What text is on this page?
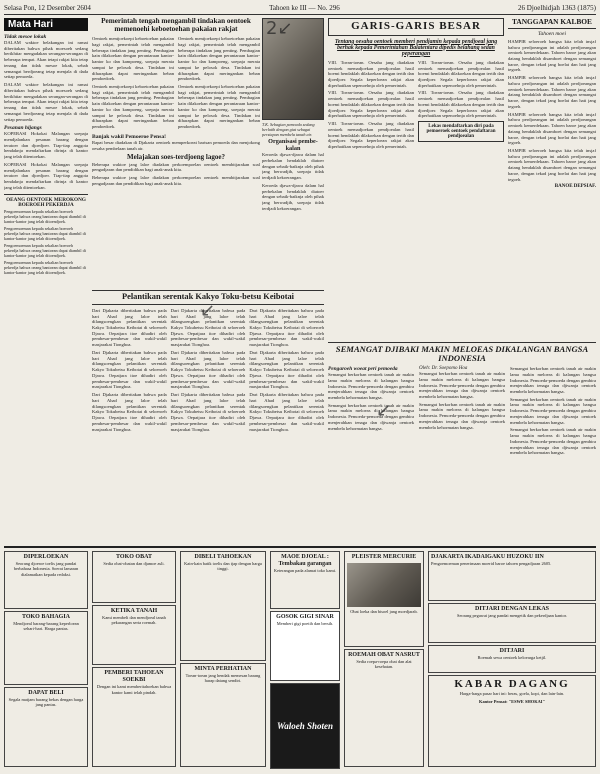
Selasa Pon, 12 Desember 2604	Tahoen ke III — No. 296	26 Djoelhidjah 1363 (1875)
Mata Hari
Tidak mesoe lokak

DALAM waktoe belakangan ini ramai diberitakan bahwa pihak moesoeh sedang berikhtiar mengadakan serangan-serangan di beberapa tempat. Akan tetapi rakjat kita tetap tenang dan tidak mesoe lokak, sebab semangat berdjoeang tetap menjala di dada setiap pemoeda.

DALAM waktoe belakangan ini ramai diberitakan bahwa pihak moesoeh sedang berikhtiar mengadakan serangan-serangan di beberapa tempat. Akan tetapi rakjat kita tetap tenang dan tidak mesoe lokak, sebab semangat berdjoeang tetap menjala di dada setiap pemoeda.

Pesanan hijangs

KOPERASI Hokokai Malangan soepaja mendjalankan pesanan barang dengan teratoer dan djoedjoer. Tiap-tiap anggota hendaknja mendaftarkan dirinja di kantor jang telah ditentoekan.

KOPERASI Hokokai Malangan soepaja mendjalankan pesanan barang dengan teratoer dan djoedjoer. Tiap-tiap anggota hendaknja mendaftarkan dirinja di kantor jang telah ditentoekan.

OEANG OENTOEK MEROKONG BOEROEH PEKERDJA

Pengoemoeman kepada sekalian boeroeh pekerdja bahwa oeang bantoean dapat diambil di kantor-kantor jang telah ditoendjoek.

Pengoemoeman kepada sekalian boeroeh pekerdja bahwa oeang bantoean dapat diambil di kantor-kantor jang telah ditoendjoek.

Pengoemoeman kepada sekalian boeroeh pekerdja bahwa oeang bantoean dapat diambil di kantor-kantor jang telah ditoendjoek.

Pengoemoeman kepada sekalian boeroeh pekerdja bahwa oeang bantoean dapat diambil di kantor-kantor jang telah ditoendjoek.

Pemerintah tengah mengambil tindakan oentoek memenoehi keboetoehan pakaian rakjat

Oentoek mentjoekoepi keboetoehan pakaian bagi rakjat, pemerintah telah mengambil beberapa tindakan jang penting. Pembagian kain dilakoekan dengan perantaraan kantor-kantor ko dan kampoeng, soepaja merata sampai ke pelosok desa. Tindakan ini diharapkan dapat meringankan beban pendoedoek.

Oentoek mentjoekoepi keboetoehan pakaian bagi rakjat, pemerintah telah mengambil beberapa tindakan jang penting. Pembagian kain dilakoekan dengan perantaraan kantor-kantor ko dan kampoeng, soepaja merata sampai ke pelosok desa. Tindakan ini diharapkan dapat meringankan beban pendoedoek.

Oentoek mentjoekoepi keboetoehan pakaian bagi rakjat, pemerintah telah mengambil beberapa tindakan jang penting. Pembagian kain dilakoekan dengan perantaraan kantor-kantor ko dan kampoeng, soepaja merata sampai ke pelosok desa. Tindakan ini diharapkan dapat meringankan beban pendoedoek.

Oentoek mentjoekoepi keboetoehan pakaian bagi rakjat, pemerintah telah mengambil beberapa tindakan jang penting. Pembagian kain dilakoekan dengan perantaraan kantor-kantor ko dan kampoeng, soepaja merata sampai ke pelosok desa. Tindakan ini diharapkan dapat meringankan beban pendoedoek.

Banjak wakil Pemoeroe Pensa!

Rapat besar diadakan di Djakarta oentoek memperkoeat barisan pemoeda dan menjokong oesaha pembelaan tanah air.

Melajakan soes-terdjoeng lagoe?

Beberapa waktoe jang laloe diadakan perkoempoelan oentoek membitjarakan soal pengadjaran dan pendidikan bagi anak-anak kita.

Beberapa waktoe jang laloe diadakan perkoempoelan oentoek membitjarakan soal pengadjaran dan pendidikan bagi anak-anak kita.

T.K. Sebagian pemoeda sedang berlatih dengan giat sebagai persiapan membela tanah air.

Organisasi pembe-kalan

Keroeda djawa-djawa dalam hal perbekalan hendaklah diatoer dengan sebaik-baiknja oleh pihak jang berwadjib, soepaja tidak terdjadi kekoerangan.

Keroeda djawa-djawa dalam hal perbekalan hendaklah diatoer dengan sebaik-baiknja oleh pihak jang berwadjib, soepaja tidak terdjadi kekoerangan.

Pelantikan serentak Kakyo Toku-betsu Keibotai

Dari Djakarta diberitakan bahwa pada hari Ahad jang laloe telah dilangsoengkan pelantikan serentak Kakyo Tokubetsu Keibotai di seloeroeh Djawa. Oepatjara itoe dihadiri oleh pembesar-pembesar dan wakil-wakil masjarakat Tionghoa.

Dari Djakarta diberitakan bahwa pada hari Ahad jang laloe telah dilangsoengkan pelantikan serentak Kakyo Tokubetsu Keibotai di seloeroeh Djawa. Oepatjara itoe dihadiri oleh pembesar-pembesar dan wakil-wakil masjarakat Tionghoa.

Dari Djakarta diberitakan bahwa pada hari Ahad jang laloe telah dilangsoengkan pelantikan serentak Kakyo Tokubetsu Keibotai di seloeroeh Djawa. Oepatjara itoe dihadiri oleh pembesar-pembesar dan wakil-wakil masjarakat Tionghoa.

Dari Djakarta diberitakan bahwa pada hari Ahad jang laloe telah dilangsoengkan pelantikan serentak Kakyo Tokubetsu Keibotai di seloeroeh Djawa. Oepatjara itoe dihadiri oleh pembesar-pembesar dan wakil-wakil masjarakat Tionghoa.

Dari Djakarta diberitakan bahwa pada hari Ahad jang laloe telah dilangsoengkan pelantikan serentak Kakyo Tokubetsu Keibotai di seloeroeh Djawa. Oepatjara itoe dihadiri oleh pembesar-pembesar dan wakil-wakil masjarakat Tionghoa.

Dari Djakarta diberitakan bahwa pada hari Ahad jang laloe telah dilangsoengkan pelantikan serentak Kakyo Tokubetsu Keibotai di seloeroeh Djawa. Oepatjara itoe dihadiri oleh pembesar-pembesar dan wakil-wakil masjarakat Tionghoa.

Dari Djakarta diberitakan bahwa pada hari Ahad jang laloe telah dilangsoengkan pelantikan serentak Kakyo Tokubetsu Keibotai di seloeroeh Djawa. Oepatjara itoe dihadiri oleh pembesar-pembesar dan wakil-wakil masjarakat Tionghoa.

Dari Djakarta diberitakan bahwa pada hari Ahad jang laloe telah dilangsoengkan pelantikan serentak Kakyo Tokubetsu Keibotai di seloeroeh Djawa. Oepatjara itoe dihadiri oleh pembesar-pembesar dan wakil-wakil masjarakat Tionghoa.

Dari Djakarta diberitakan bahwa pada hari Ahad jang laloe telah dilangsoengkan pelantikan serentak Kakyo Tokubetsu Keibotai di seloeroeh Djawa. Oepatjara itoe dihadiri oleh pembesar-pembesar dan wakil-wakil masjarakat Tionghoa.

GARIS-GARIS BESAR
Tentang oesaha oentoek memberi pendjamin kepada pendjoeal jang berhak kepada Pemerintahan Balatentara dipedis belahang sedan peperangan

VIII. Toean-toean. Oesaha jang diadakan oentoek memadjoekan pendjoealan hasil boemi hendaklah dilakoekan dengan tertib dan djoedjoer. Segala keperloean rakjat akan diperhatikan sepenoehnja oleh pemerintah.

VIII. Toean-toean. Oesaha jang diadakan oentoek memadjoekan pendjoealan hasil boemi hendaklah dilakoekan dengan tertib dan djoedjoer. Segala keperloean rakjat akan diperhatikan sepenoehnja oleh pemerintah.

VIII. Toean-toean. Oesaha jang diadakan oentoek memadjoekan pendjoealan hasil boemi hendaklah dilakoekan dengan tertib dan djoedjoer. Segala keperloean rakjat akan diperhatikan sepenoehnja oleh pemerintah.

VIII. Toean-toean. Oesaha jang diadakan oentoek memadjoekan pendjoealan hasil boemi hendaklah dilakoekan dengan tertib dan djoedjoer. Segala keperloean rakjat akan diperhatikan sepenoehnja oleh pemerintah.

VIII. Toean-toean. Oesaha jang diadakan oentoek memadjoekan pendjoealan hasil boemi hendaklah dilakoekan dengan tertib dan djoedjoer. Segala keperloean rakjat akan diperhatikan sepenoehnja oleh pemerintah.

Lekas mendaftarkan diri pada pemoeroek oentoek pendaftaran pendjoealan
TANGGAPAN KALBOE
Tahoen moei

HAMPIR seloeroeh bangsa kita telah insjaf bahwa perdjoeangan ini adalah perdjoeangan oentoek kemerdekaan. Tahoen baroe jang akan datang hendaklah disamboet dengan semangat baroe, dengan tekad jang boelat dan hati jang tegoeh.

HAMPIR seloeroeh bangsa kita telah insjaf bahwa perdjoeangan ini adalah perdjoeangan oentoek kemerdekaan. Tahoen baroe jang akan datang hendaklah disamboet dengan semangat baroe, dengan tekad jang boelat dan hati jang tegoeh.

HAMPIR seloeroeh bangsa kita telah insjaf bahwa perdjoeangan ini adalah perdjoeangan oentoek kemerdekaan. Tahoen baroe jang akan datang hendaklah disamboet dengan semangat baroe, dengan tekad jang boelat dan hati jang tegoeh.

HAMPIR seloeroeh bangsa kita telah insjaf bahwa perdjoeangan ini adalah perdjoeangan oentoek kemerdekaan. Tahoen baroe jang akan datang hendaklah disamboet dengan semangat baroe, dengan tekad jang boelat dan hati jang tegoeh.

BANOE DEPSIAF.
SEMANGAT DJIBAKI MAKIN MELOEAS DIKALANGAN BANGSA INDONESIA
Pengaroeh woeat peri pemoeda

Semangat berkorban oentoek tanah air makin lama makin meloeas di kalangan bangsa Indonesia. Pemoeda-pemoeda dengan gembira menjerahkan tenaga dan djiwanja oentoek membela kehormatan bangsa.

Semangat berkorban oentoek tanah air makin lama makin meloeas di kalangan bangsa Indonesia. Pemoeda-pemoeda dengan gembira menjerahkan tenaga dan djiwanja oentoek membela kehormatan bangsa.

Oleh: Dr. Soepomo Hoa

Semangat berkorban oentoek tanah air makin lama makin meloeas di kalangan bangsa Indonesia. Pemoeda-pemoeda dengan gembira menjerahkan tenaga dan djiwanja oentoek membela kehormatan bangsa.

Semangat berkorban oentoek tanah air makin lama makin meloeas di kalangan bangsa Indonesia. Pemoeda-pemoeda dengan gembira menjerahkan tenaga dan djiwanja oentoek membela kehormatan bangsa.

Semangat berkorban oentoek tanah air makin lama makin meloeas di kalangan bangsa Indonesia. Pemoeda-pemoeda dengan gembira menjerahkan tenaga dan djiwanja oentoek membela kehormatan bangsa.

Semangat berkorban oentoek tanah air makin lama makin meloeas di kalangan bangsa Indonesia. Pemoeda-pemoeda dengan gembira menjerahkan tenaga dan djiwanja oentoek membela kehormatan bangsa.

Semangat berkorban oentoek tanah air makin lama makin meloeas di kalangan bangsa Indonesia. Pemoeda-pemoeda dengan gembira menjerahkan tenaga dan djiwanja oentoek membela kehormatan bangsa.

DIPERLOEKAN
Seorang djoeroe toelis jang pandai berbahasa Indonesia. Soerat lamaran dialamatkan kepada redaksi.
TOKO BAHAGIA
Mendjoeal barang-barang keperloean sehari-hari. Harga pantas.
DAPAT BELI
Segala matjam barang bekas dengan harga jang pantas.
TOKO OBAT
Sedia obat-obatan dan djamoe asli.
KETIKA TANAH
Kami membeli dan mendjoeal tanah pekarangan serta roemah.
PEMBERI TAHOEAN SOEKBI
Dengan ini kami memberitahoekan bahwa kantor kami telah pindah.
DIBELI TAHOEKAN
Kain-kain batik toelis dan tjap dengan harga tinggi.
MINTA PERHATIAN
Toean-toean jang hendak memesan barang harap datang sendiri.
MAOE DJOEAL : Tembakau garangan
Keterangan pada alamat toko kami.
GOSOK GIGI SINAR
Memberi gigi poetih dan bersih.
Waloeh Shoten
PLEISTER MERCURIE
Obat loeka dan bisoel jang moedjarab.
ROEMAH OBAT NASRUT
Sedia roepa-roepa obat dan alat kesehatan.
DJAKARTA IKADAIGAKU HUZOKU IIN
Pengoemoeman penerimaan moerid baroe tahoen pengadjaran 2605.
DITJARI DENGAN LEKAS
Seorang pegawai jang pandai mengetik dan pekerdjaan kantor.
DITJARI
Roemah sewa oentoek keloearga ketjil.
KABAR DAGANG
Harga-harga pasar hari ini: beras, goela, kopi, dan lain-lain.
Kantor Pensat: "ESWE SHOKAI"
2↙
↙
↙
